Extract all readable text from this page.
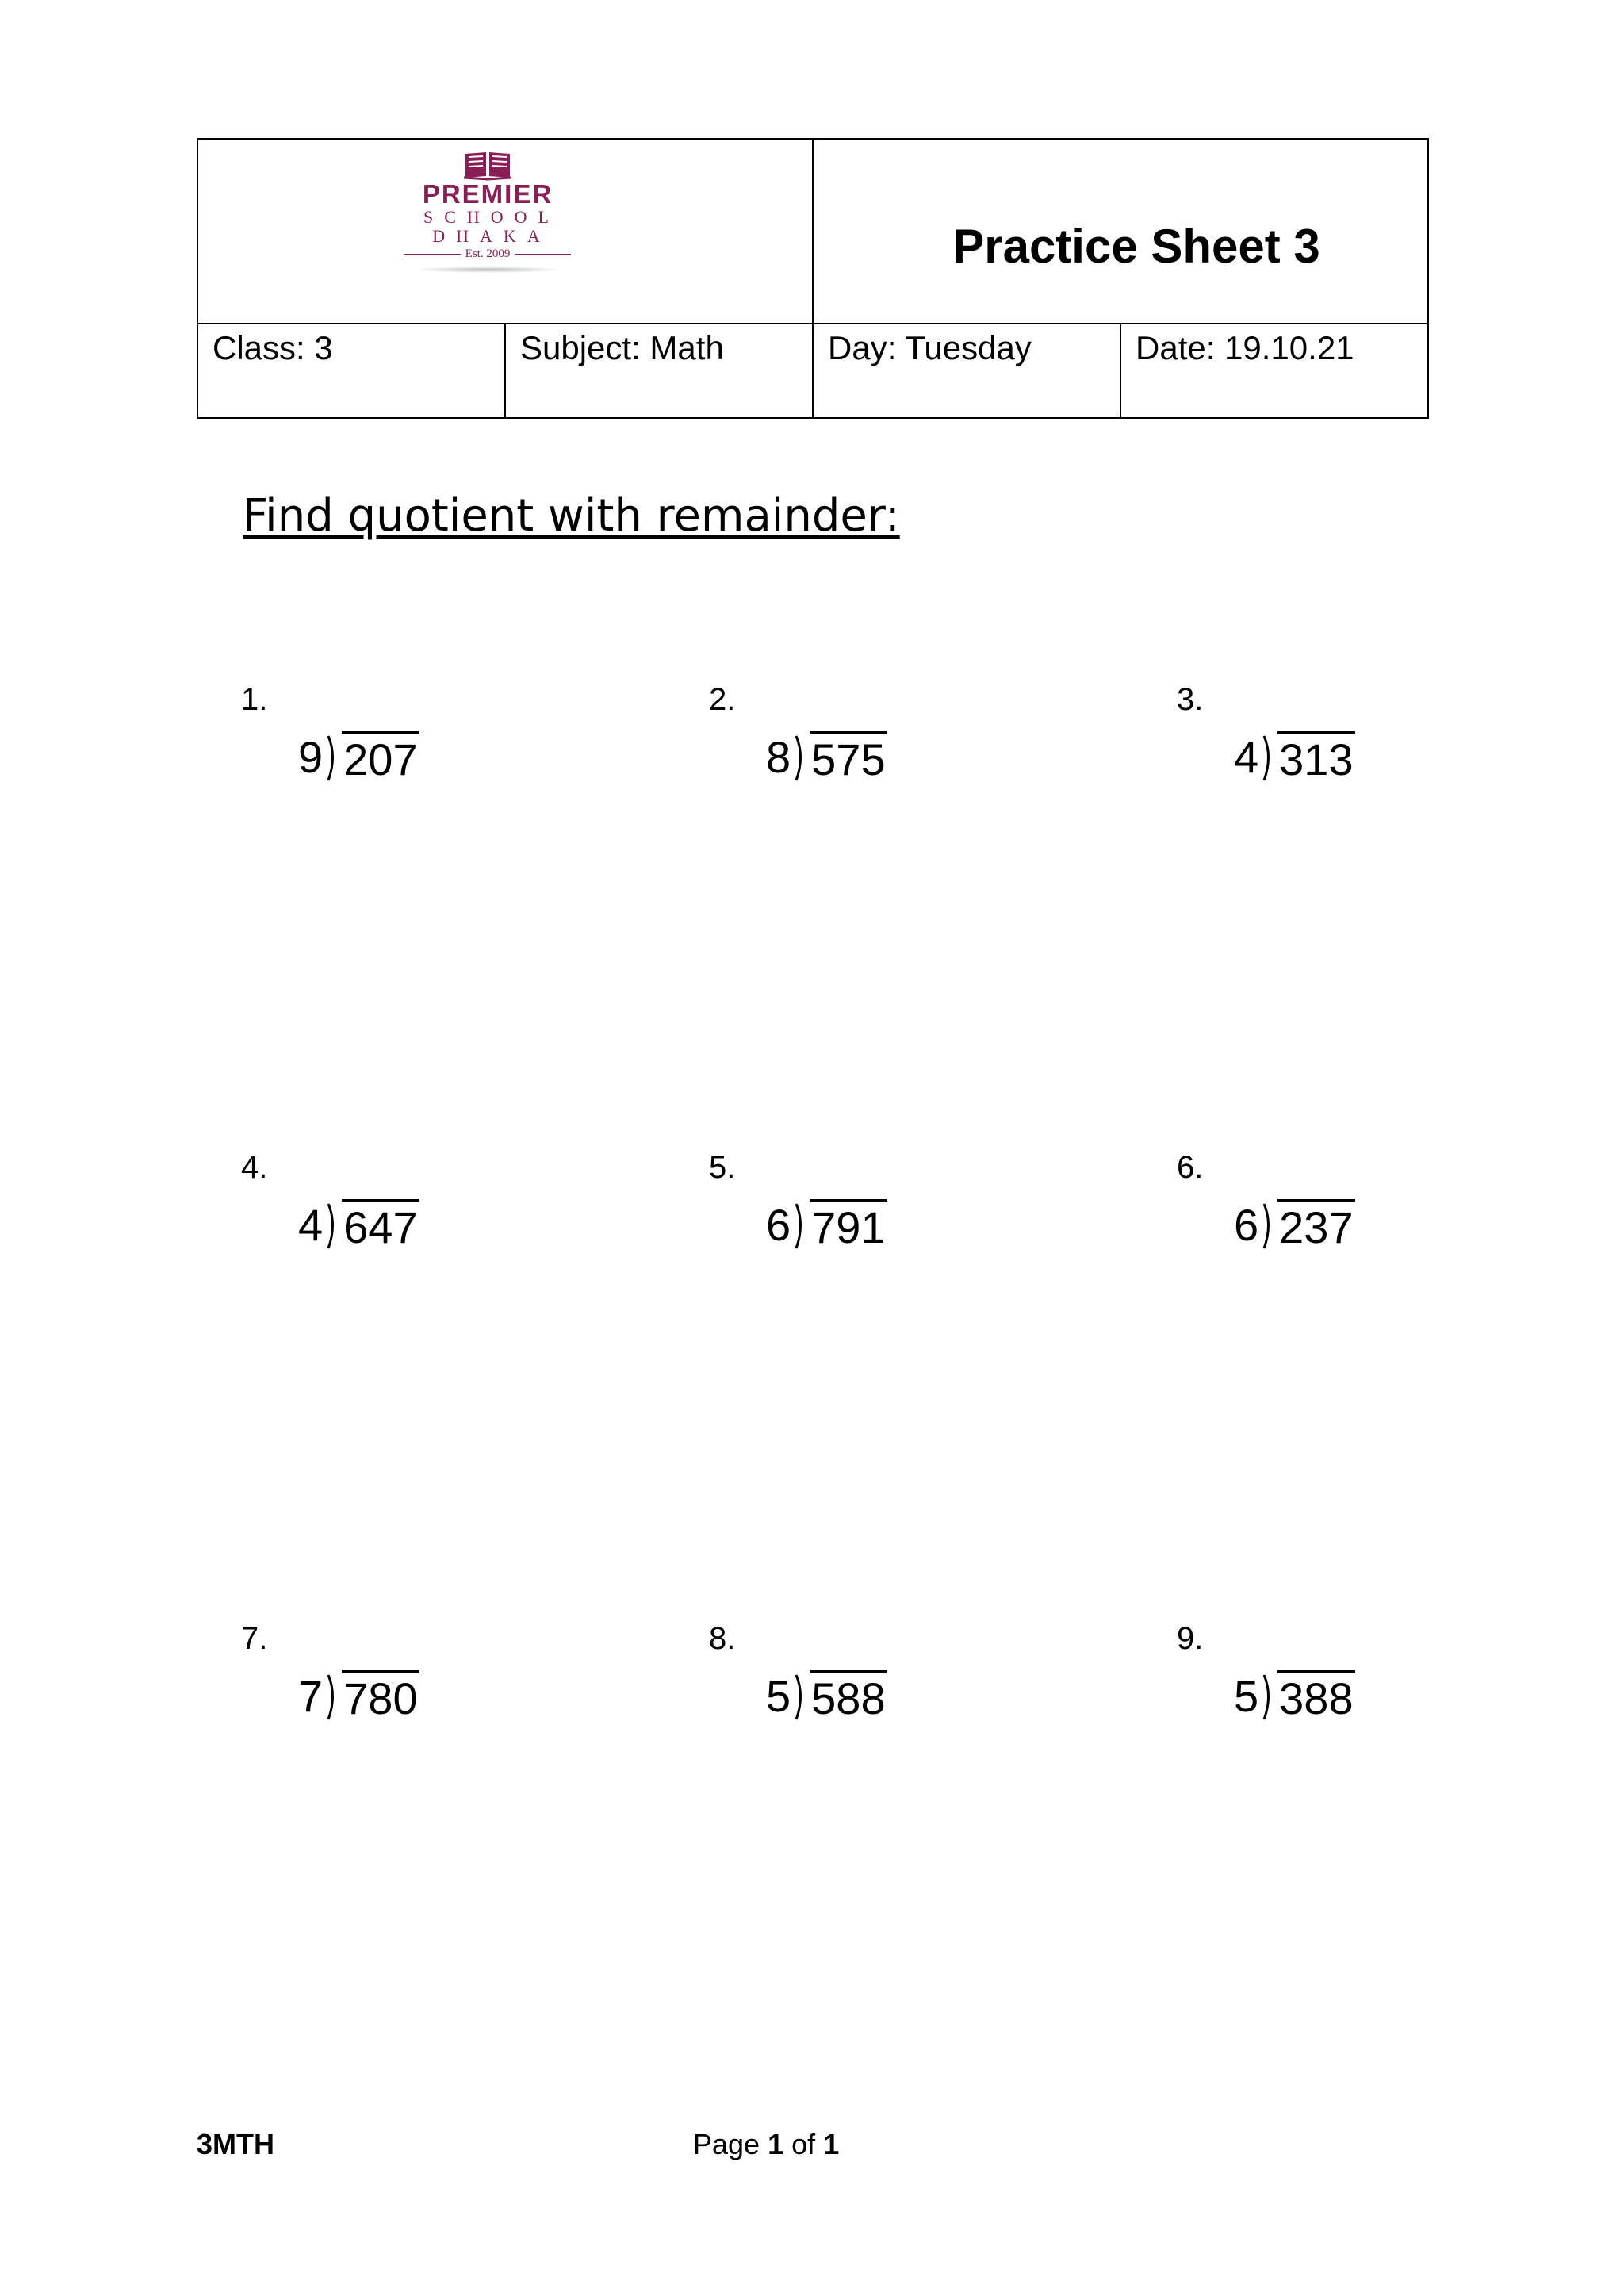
PREMIER
SCHOOL
DHAKA
Est. 2009	Practice Sheet 3
Class: 3	Subject: Math	Day: Tuesday	Date: 19.10.21
Find quotient with remainder:
1.
9 207
2.
8 575
3.
4 313
4.
4 647
5.
6 791
6.
6 237
7.
7 780
8.
5 588
9.
5 388
3MTH	Page 1 of 1
